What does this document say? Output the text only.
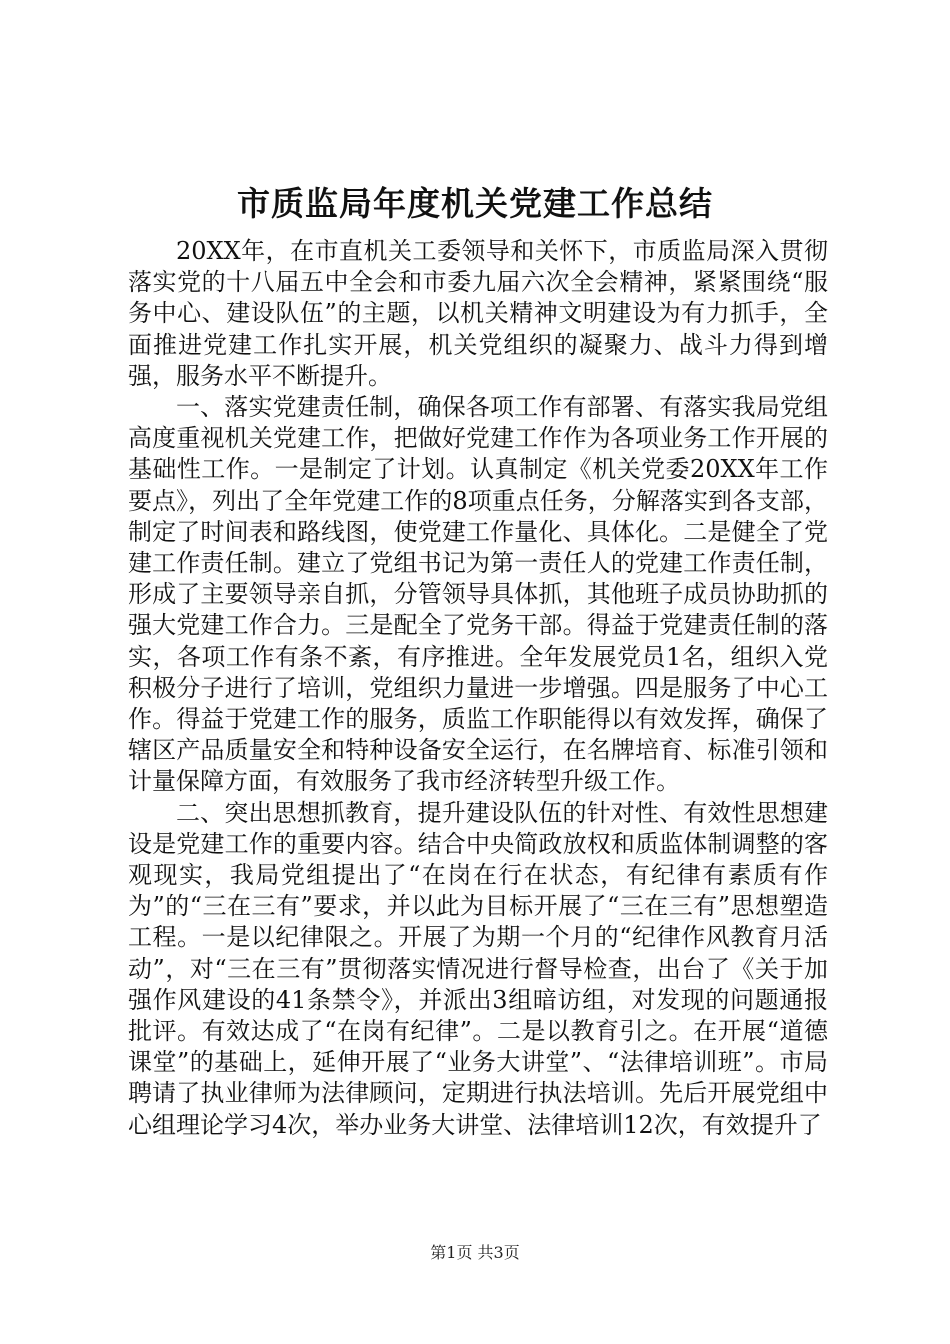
市质监局年度机关党建工作总结

20XX年，在市直机关工委领导和关怀下，市质监局深入贯彻落实党的十八届五中全会和市委九届六次全会精神，紧紧围绕“服务中心、建设队伍”的主题，以机关精神文明建设为有力抓手，全面推进党建工作扎实开展，机关党组织的凝聚力、战斗力得到增强，服务水平不断提升。

一、落实党建责任制，确保各项工作有部署、有落实我局党组高度重视机关党建工作，把做好党建工作作为各项业务工作开展的基础性工作。一是制定了计划。认真制定《机关党委20XX年工作要点》，列出了全年党建工作的8项重点任务，分解落实到各支部，制定了时间表和路线图，使党建工作量化、具体化。二是健全了党建工作责任制。建立了党组书记为第一责任人的党建工作责任制，形成了主要领导亲自抓，分管领导具体抓，其他班子成员协助抓的强大党建工作合力。三是配全了党务干部。得益于党建责任制的落实，各项工作有条不紊，有序推进。全年发展党员1名，组织入党积极分子进行了培训，党组织力量进一步增强。四是服务了中心工作。得益于党建工作的服务，质监工作职能得以有效发挥，确保了辖区产品质量安全和特种设备安全运行，在名牌培育、标准引领和计量保障方面，有效服务了我市经济转型升级工作。

二、突出思想抓教育，提升建设队伍的针对性、有效性思想建设是党建工作的重要内容。结合中央简政放权和质监体制调整的客观现实，我局党组提出了“在岗在行在状态，有纪律有素质有作为”的“三在三有”要求，并以此为目标开展了“三在三有”思想塑造工程。一是以纪律限之。开展了为期一个月的“纪律作风教育月活动”，对“三在三有”贯彻落实情况进行督导检查，出台了《关于加强作风建设的41条禁令》，并派出3组暗访组，对发现的问题通报批评。有效达成了“在岗有纪律”。二是以教育引之。在开展“道德课堂”的基础上，延伸开展了“业务大讲堂”、“法律培训班”。市局聘请了执业律师为法律顾问，定期进行执法培训。先后开展党组中心组理论学习4次，举办业务大讲堂、法律培训12次，有效提升了

第1页 共3页
